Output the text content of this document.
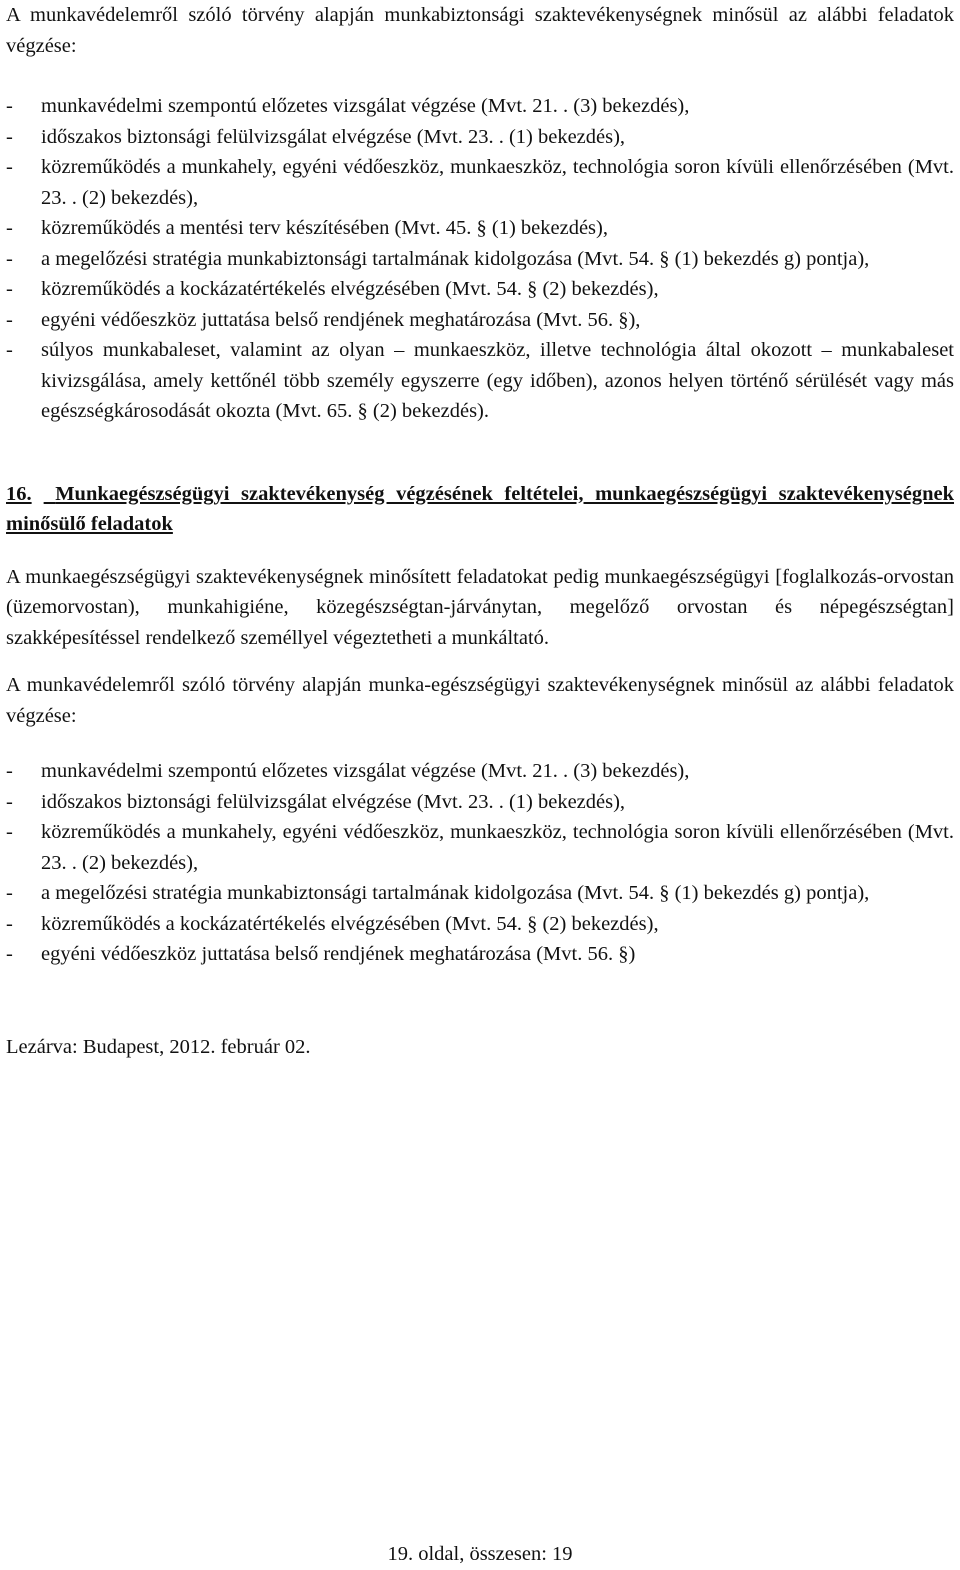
A munkavédelemről szóló törvény alapján munkabiztonsági szaktevékenységnek minősül az alábbi feladatok végzése:

- munkavédelmi szempontú előzetes vizsgálat végzése (Mvt. 21. . (3) bekezdés),
- időszakos biztonsági felülvizsgálat elvégzése (Mvt. 23. . (1) bekezdés),
- közreműködés a munkahely, egyéni védőeszköz, munkaeszköz, technológia soron kívüli ellenőrzésében (Mvt. 23. . (2) bekezdés),
- közreműködés a mentési terv készítésében (Mvt. 45. § (1) bekezdés),
- a megelőzési stratégia munkabiztonsági tartalmának kidolgozása (Mvt. 54. § (1) bekezdés g) pontja),
- közreműködés a kockázatértékelés elvégzésében (Mvt. 54. § (2) bekezdés),
- egyéni védőeszköz juttatása belső rendjének meghatározása (Mvt. 56. §),
- súlyos munkabaleset, valamint az olyan – munkaeszköz, illetve technológia által okozott – munkabaleset kivizsgálása, amely kettőnél több személy egyszerre (egy időben), azonos helyen történő sérülését vagy más egészségkárosodását okozta (Mvt. 65. § (2) bekezdés).

16. Munkaegészségügyi szaktevékenység végzésének feltételei, munkaegészségügyi szaktevékenységnek minősülő feladatok

A munkaegészségügyi szaktevékenységnek minősített feladatokat pedig munkaegészségügyi [foglalkozás-orvostan (üzemorvostan), munkahigiéne, közegészségtan-járványtan, megelőző orvostan és népegészségtan] szakképesítéssel rendelkező személlyel végeztetheti a munkáltató.

A munkavédelemről szóló törvény alapján munka-egészségügyi szaktevékenységnek minősül az alábbi feladatok végzése:

- munkavédelmi szempontú előzetes vizsgálat végzése (Mvt. 21. . (3) bekezdés),
- időszakos biztonsági felülvizsgálat elvégzése (Mvt. 23. . (1) bekezdés),
- közreműködés a munkahely, egyéni védőeszköz, munkaeszköz, technológia soron kívüli ellenőrzésében (Mvt. 23. . (2) bekezdés),
- a megelőzési stratégia munkabiztonsági tartalmának kidolgozása (Mvt. 54. § (1) bekezdés g) pontja),
- közreműködés a kockázatértékelés elvégzésében (Mvt. 54. § (2) bekezdés),
- egyéni védőeszköz juttatása belső rendjének meghatározása (Mvt. 56. §)

Lezárva: Budapest, 2012. február 02.

19. oldal, összesen: 19
